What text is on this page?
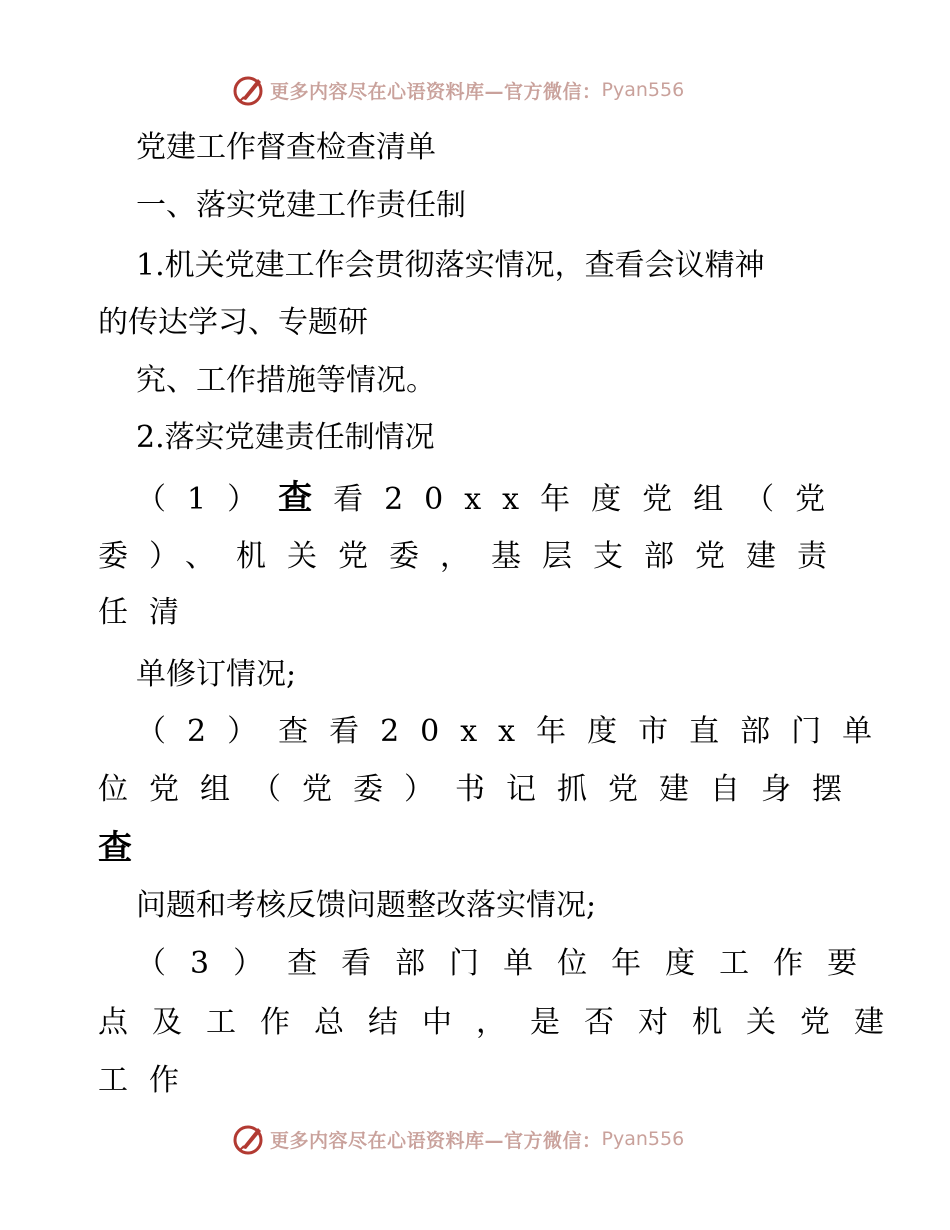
更多内容尽在心语资料库—官方微信： Pyan556

党建工作督查检查清单

一、落实党建工作责任制

1.机关党建工作会贯彻落实情况，查看会议精神

的传达学习、专题研

究、工作措施等情况。

2.落实党建责任制情况

（1）查看20xx年度党组（党

委）、机关党委，基层支部党建责

任清

单修订情况;

（2）查看20xx年度市直部门单

位党组（党委）书记抓党建自身摆

查

问题和考核反馈问题整改落实情况;

（3）查看部门单位年度工作要

点及工作总结中，是否对机关党建

工作

更多内容尽在心语资料库—官方微信： Pyan556
